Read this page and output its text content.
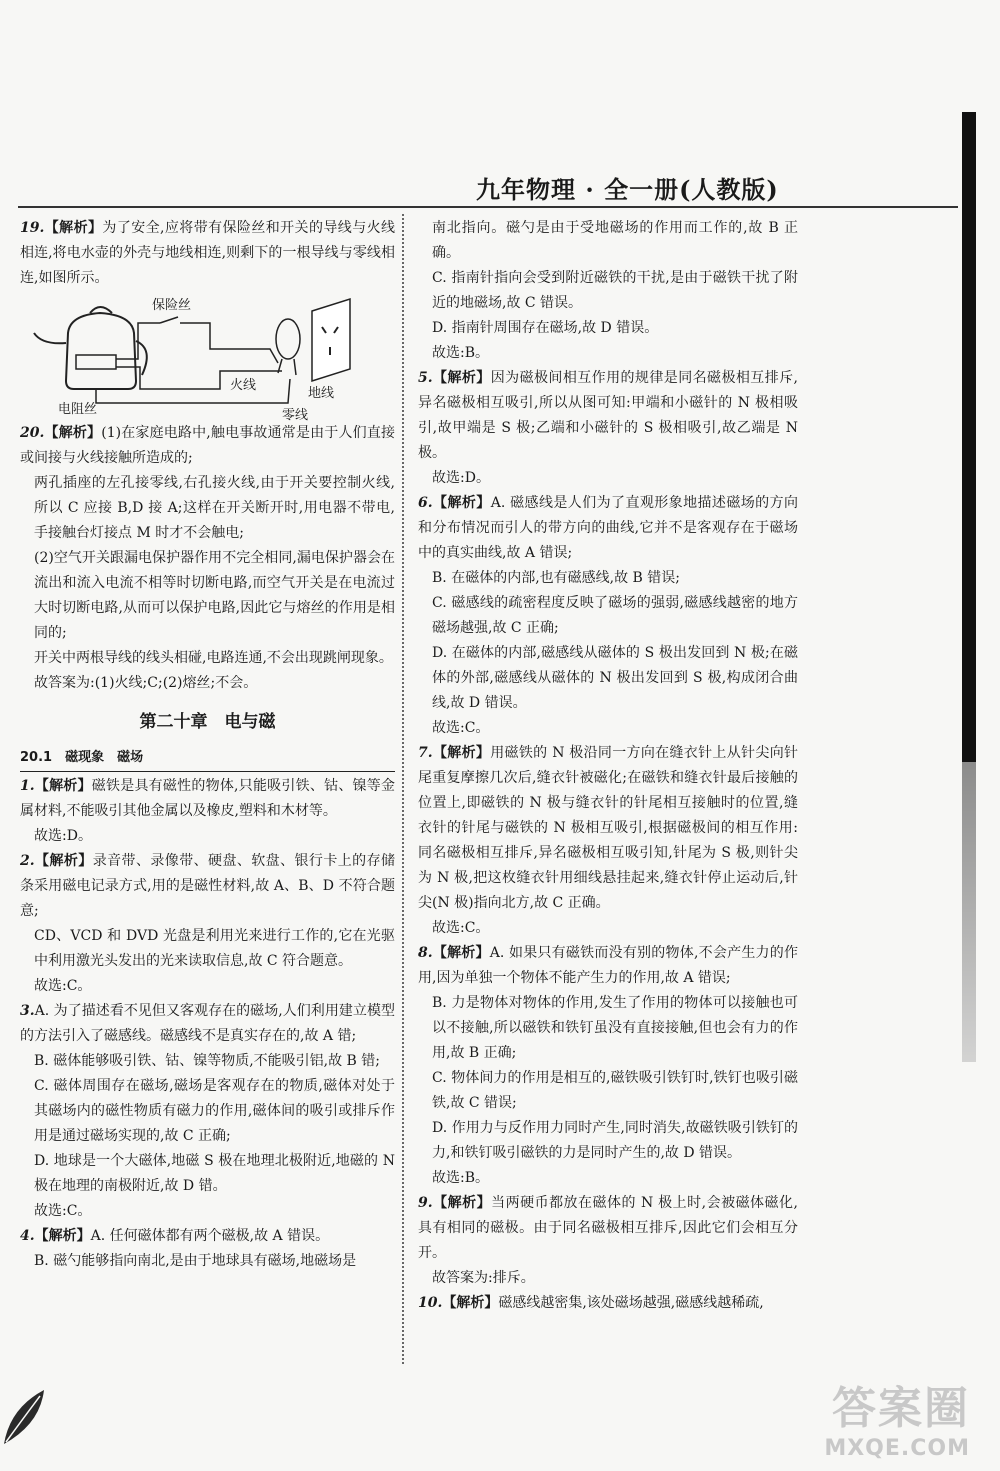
九年物理 · 全一册(人教版)

19.【解析】为了安全,应将带有保险丝和开关的导线与火线相连,将电水壶的外壳与地线相连,则剩下的一根导线与零线相连,如图所示。

保险丝
电阻丝
火线
地线
零线

20.【解析】(1)在家庭电路中,触电事故通常是由于人们直接或间接与火线接触所造成的;

两孔插座的左孔接零线,右孔接火线,由于开关要控制火线,所以 C 应接 B,D 接 A;这样在开关断开时,用电器不带电,手接触台灯接点 M 时才不会触电;

(2)空气开关跟漏电保护器作用不完全相同,漏电保护器会在流出和流入电流不相等时切断电路,而空气开关是在电流过大时切断电路,从而可以保护电路,因此它与熔丝的作用是相同的;

开关中两根导线的线头相碰,电路连通,不会出现跳闸现象。

故答案为:(1)火线;C;(2)熔丝;不会。

第二十章　电与磁
20.1　磁现象　磁场

1.【解析】磁铁是具有磁性的物体,只能吸引铁、钴、镍等金属材料,不能吸引其他金属以及橡皮,塑料和木材等。

故选:D。

2.【解析】录音带、录像带、硬盘、软盘、银行卡上的存储条采用磁电记录方式,用的是磁性材料,故 A、B、D 不符合题意;

CD、VCD 和 DVD 光盘是利用光来进行工作的,它在光驱中利用激光头发出的光来读取信息,故 C 符合题意。

故选:C。

3.A. 为了描述看不见但又客观存在的磁场,人们利用建立模型的方法引入了磁感线。磁感线不是真实存在的,故 A 错;

B. 磁体能够吸引铁、钴、镍等物质,不能吸引铝,故 B 错;

C. 磁体周围存在磁场,磁场是客观存在的物质,磁体对处于其磁场内的磁性物质有磁力的作用,磁体间的吸引或排斥作用是通过磁场实现的,故 C 正确;

D. 地球是一个大磁体,地磁 S 极在地理北极附近,地磁的 N 极在地理的南极附近,故 D 错。

故选:C。

4.【解析】A. 任何磁体都有两个磁极,故 A 错误。

B. 磁勺能够指向南北,是由于地球具有磁场,地磁场是

南北指向。磁勺是由于受地磁场的作用而工作的,故 B 正确。

C. 指南针指向会受到附近磁铁的干扰,是由于磁铁干扰了附近的地磁场,故 C 错误。

D. 指南针周围存在磁场,故 D 错误。

故选:B。

5.【解析】因为磁极间相互作用的规律是同名磁极相互排斥,异名磁极相互吸引,所以从图可知:甲端和小磁针的 N 极相吸引,故甲端是 S 极;乙端和小磁针的 S 极相吸引,故乙端是 N 极。

故选:D。

6.【解析】A. 磁感线是人们为了直观形象地描述磁场的方向和分布情况而引人的带方向的曲线,它并不是客观存在于磁场中的真实曲线,故 A 错误;

B. 在磁体的内部,也有磁感线,故 B 错误;

C. 磁感线的疏密程度反映了磁场的强弱,磁感线越密的地方磁场越强,故 C 正确;

D. 在磁体的内部,磁感线从磁体的 S 极出发回到 N 极;在磁体的外部,磁感线从磁体的 N 极出发回到 S 极,构成闭合曲线,故 D 错误。

故选:C。

7.【解析】用磁铁的 N 极沿同一方向在缝衣针上从针尖向针尾重复摩擦几次后,缝衣针被磁化;在磁铁和缝衣针最后接触的位置上,即磁铁的 N 极与缝衣针的针尾相互接触时的位置,缝衣针的针尾与磁铁的 N 极相互吸引,根据磁极间的相互作用:同名磁极相互排斥,异名磁极相互吸引知,针尾为 S 极,则针尖为 N 极,把这枚缝衣针用细线悬挂起来,缝衣针停止运动后,针尖(N 极)指向北方,故 C 正确。

故选:C。

8.【解析】A. 如果只有磁铁而没有别的物体,不会产生力的作用,因为单独一个物体不能产生力的作用,故 A 错误;

B. 力是物体对物体的作用,发生了作用的物体可以接触也可以不接触,所以磁铁和铁钉虽没有直接接触,但也会有力的作用,故 B 正确;

C. 物体间力的作用是相互的,磁铁吸引铁钉时,铁钉也吸引磁铁,故 C 错误;

D. 作用力与反作用力同时产生,同时消失,故磁铁吸引铁钉的力,和铁钉吸引磁铁的力是同时产生的,故 D 错误。

故选:B。

9.【解析】当两硬币都放在磁体的 N 极上时,会被磁体磁化,具有相同的磁极。由于同名磁极相互排斥,因此它们会相互分开。

故答案为:排斥。

10.【解析】磁感线越密集,该处磁场越强,磁感线越稀疏,

答案圈
MXQE.COM
